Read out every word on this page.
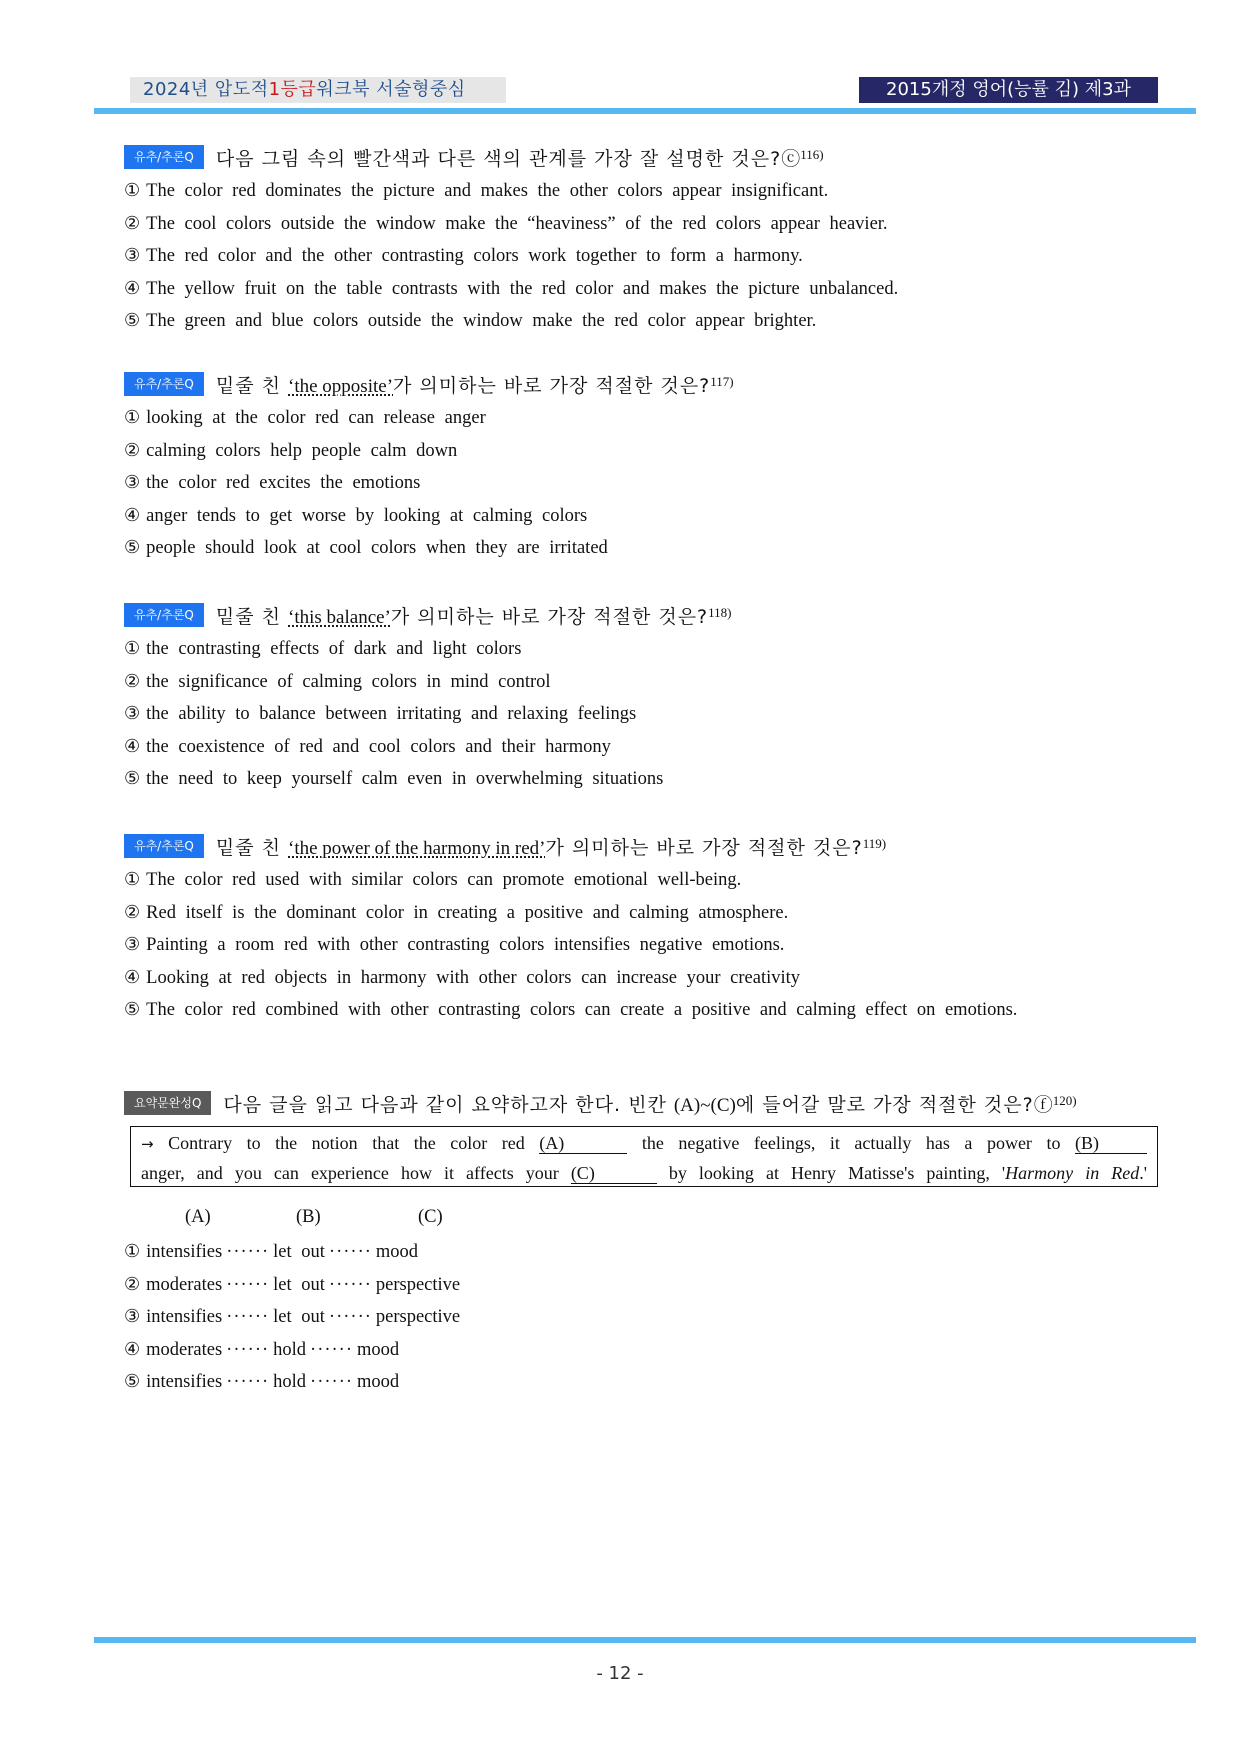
2024년 압도적1등급워크북 서술형중심	2015개정 영어(능률 김) 제3과
유추/추론Q	다음 그림 속의 빨간색과 다른 색의 관계를 가장 잘 설명한 것은?ⓒ$^{116)}$
① The color red dominates the picture and makes the other colors appear insignificant.
② The cool colors outside the window make the “heaviness” of the red colors appear heavier.
③ The red color and the other contrasting colors work together to form a harmony.
④ The yellow fruit on the table contrasts with the red color and makes the picture unbalanced.
⑤ The green and blue colors outside the window make the red color appear brighter.
유추/추론Q	밑줄 친 ‘the opposite’가 의미하는 바로 가장 적절한 것은?$^{117)}$
① looking at the color red can release anger
② calming colors help people calm down
③ the color red excites the emotions
④ anger tends to get worse by looking at calming colors
⑤ people should look at cool colors when they are irritated
유추/추론Q	밑줄 친 ‘this balance’가 의미하는 바로 가장 적절한 것은?$^{118)}$
① the contrasting effects of dark and light colors
② the significance of calming colors in mind control
③ the ability to balance between irritating and relaxing feelings
④ the coexistence of red and cool colors and their harmony
⑤ the need to keep yourself calm even in overwhelming situations
유추/추론Q	밑줄 친 ‘the power of the harmony in red’가 의미하는 바로 가장 적절한 것은?$^{119)}$
① The color red used with similar colors can promote emotional well-being.
② Red itself is the dominant color in creating a positive and calming atmosphere.
③ Painting a room red with other contrasting colors intensifies negative emotions.
④ Looking at red objects in harmony with other colors can increase your creativity
⑤ The color red combined with other contrasting colors can create a positive and calming effect on emotions.
요약문완성Q	다음 글을 읽고 다음과 같이 요약하고자 한다. 빈칸 (A)~(C)에 들어갈 말로 가장 적절한 것은?ⓕ$^{120)}$
→ Contrary to the notion that the color red (A)	the negative feelings, it actually has a power to (B)
anger, and you can experience how it affects your (C)	by looking at Henry Matisse's painting, 'Harmony in Red.'
(A)	(B)	(C)
① intensifies ······ let out ······ mood
② moderates ······ let out ······ perspective
③ intensifies ······ let out ······ perspective
④ moderates ······ hold ······ mood
⑤ intensifies ······ hold ······ mood
- 12 -
